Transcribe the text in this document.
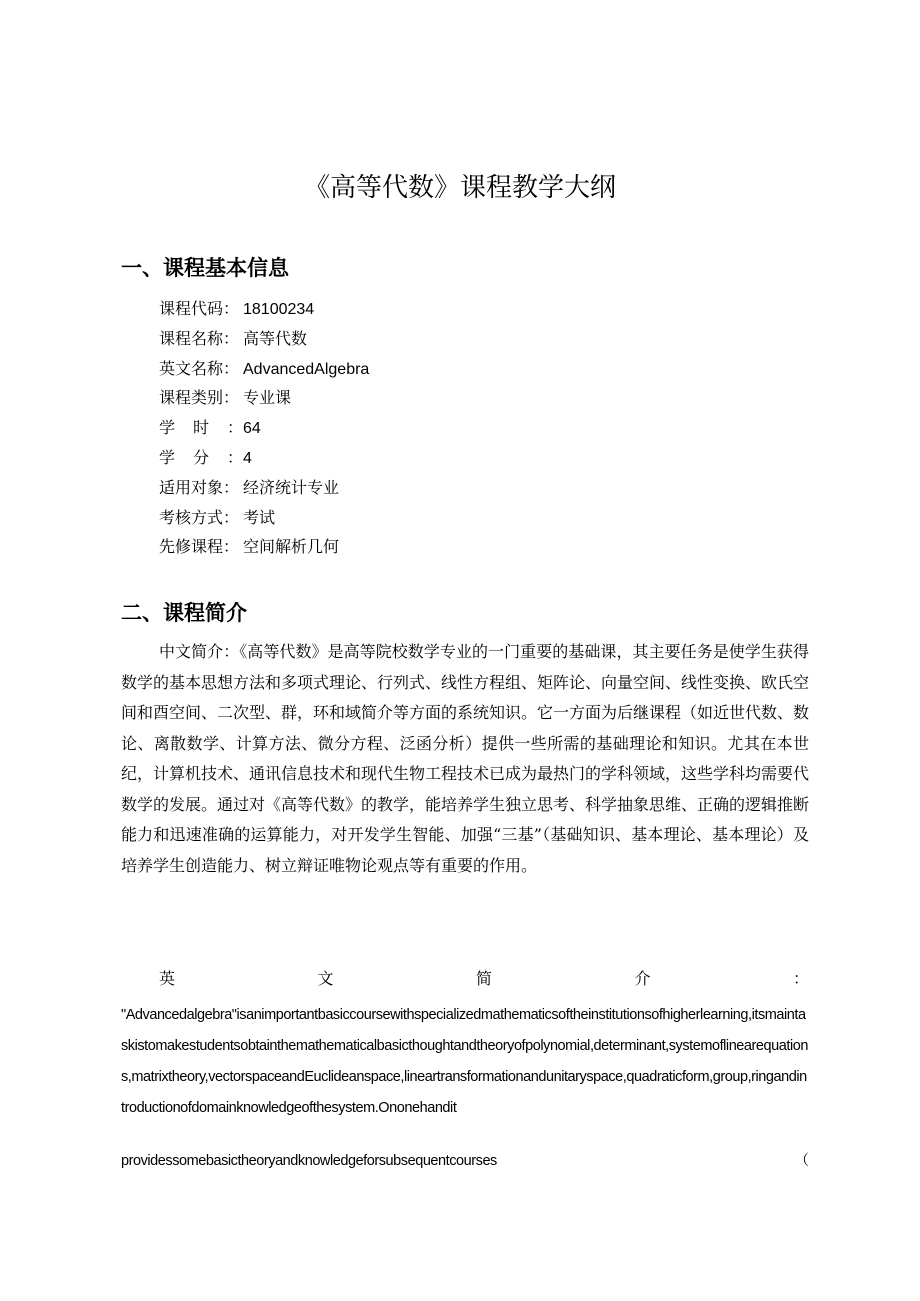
《高等代数》课程教学大纲
一、课程基本信息
课程代码： 18100234
课程名称： 高等代数
英文名称： AdvancedAlgebra
课程类别： 专业课
学时：64
学分：4
适用对象： 经济统计专业
考核方式： 考试
先修课程： 空间解析几何
二、课程简介

中文简介：《高等代数》是高等院校数学专业的一门重要的基础课，其主要任务是使学生获得数学的基本思想方法和多项式理论、行列式、线性方程组、矩阵论、向量空间、线性变换、欧氏空间和酉空间、二次型、群，环和域简介等方面的系统知识。它一方面为后继课程（如近世代数、数论、离散数学、计算方法、微分方程、泛函分析）提供一些所需的基础理论和知识。尤其在本世纪，计算机技术、通讯信息技术和现代生物工程技术已成为最热门的学科领域，这些学科均需要代数学的发展。通过对《高等代数》的教学，能培养学生独立思考、科学抽象思维、正确的逻辑推断能力和迅速准确的运算能力，对开发学生智能、加强“三基”（基础知识、基本理论、基本理论）及培养学生创造能力、树立辩证唯物论观点等有重要的作用。

英	文	简	介	：

"Advancedalgebra"isanimportantbasiccoursewithspecializedmathematicsoftheinstitutionsofhigherlearning,itsmaintaskistomakestudentsobtainthemathematicalbasicthoughtandtheoryofpolynomial,determinant,systemoflinearequations,matrixtheory,vectorspaceandEuclideanspace,lineartransformationandunitaryspace,quadraticform,group,ringandintroductionofdomainknowledgeofthesystem.Ononehandit

providessomebasictheoryandknowledgeforsubsequentcourses	（
